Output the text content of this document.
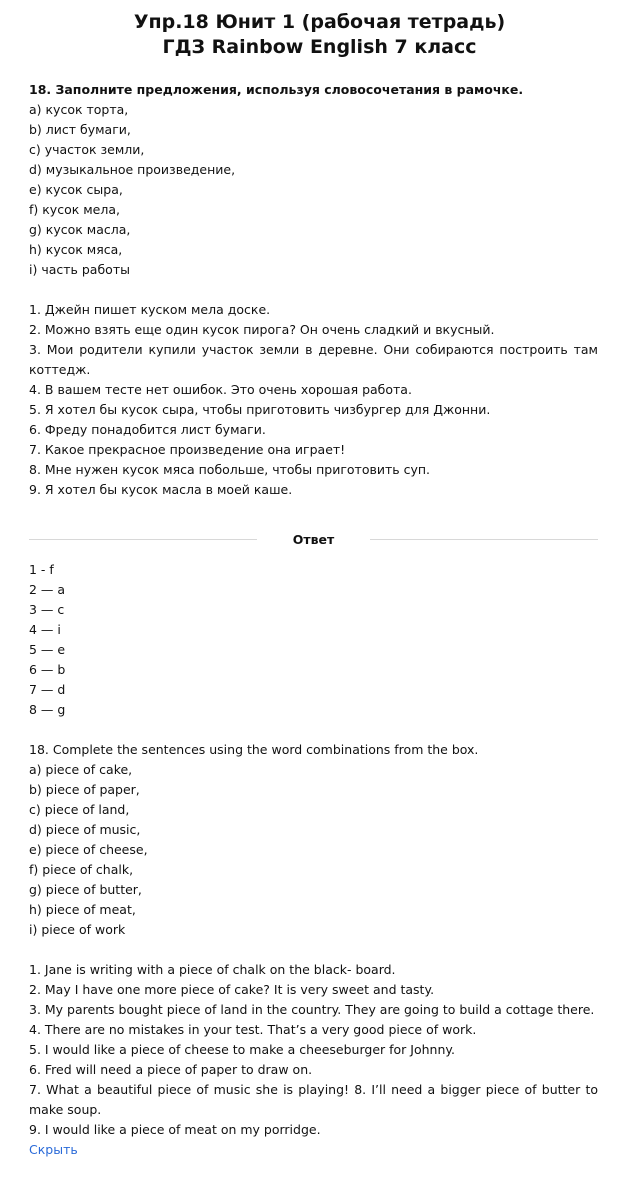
Упр.18 Юнит 1 (рабочая тетрадь)
ГДЗ Rainbow English 7 класс
18. Заполните предложения, используя словосочетания в рамочке.
a) кусок торта,
b) лист бумаги,
c) участок земли,
d) музыкальное произведение,
e) кусок сыра,
f) кусок мела,
g) кусок масла,
h) кусок мяса,
i) часть работы
1. Джейн пишет куском мела доске.
2. Можно взять еще один кусок пирога? Он очень сладкий и вкусный.
3. Мои родители купили участок земли в деревне. Они собираются построить там коттедж.
4. В вашем тесте нет ошибок. Это очень хорошая работа.
5. Я хотел бы кусок сыра, чтобы приготовить чизбургер для Джонни.
6. Фреду понадобится лист бумаги.
7. Какое прекрасное произведение она играет!
8. Мне нужен кусок мяса побольше, чтобы приготовить суп.
9. Я хотел бы кусок масла в моей каше.
Ответ
1 - f
2 — a
3 — c
4 — i
5 — e
6 — b
7 — d
8 — g
18. Complete the sentences using the word combinations from the box.
a) piece of cake,
b) piece of paper,
c) piece of land,
d) piece of music,
e) piece of cheese,
f) piece of chalk,
g) piece of butter,
h) piece of meat,
i) piece of work
1. Jane is writing with a piece of chalk on the black- board.
2. May I have one more piece of cake? It is very sweet and tasty.
3. My parents bought piece of land in the country. They are going to build a cottage there.
4. There are no mistakes in your test. That’s a very good piece of work.
5. I would like a piece of cheese to make a cheeseburger for Johnny.
6. Fred will need a piece of paper to draw on.
7. What a beautiful piece of music she is playing! 8. I’ll need a bigger piece of butter to make soup.
9. I would like a piece of meat on my porridge.
Скрыть
